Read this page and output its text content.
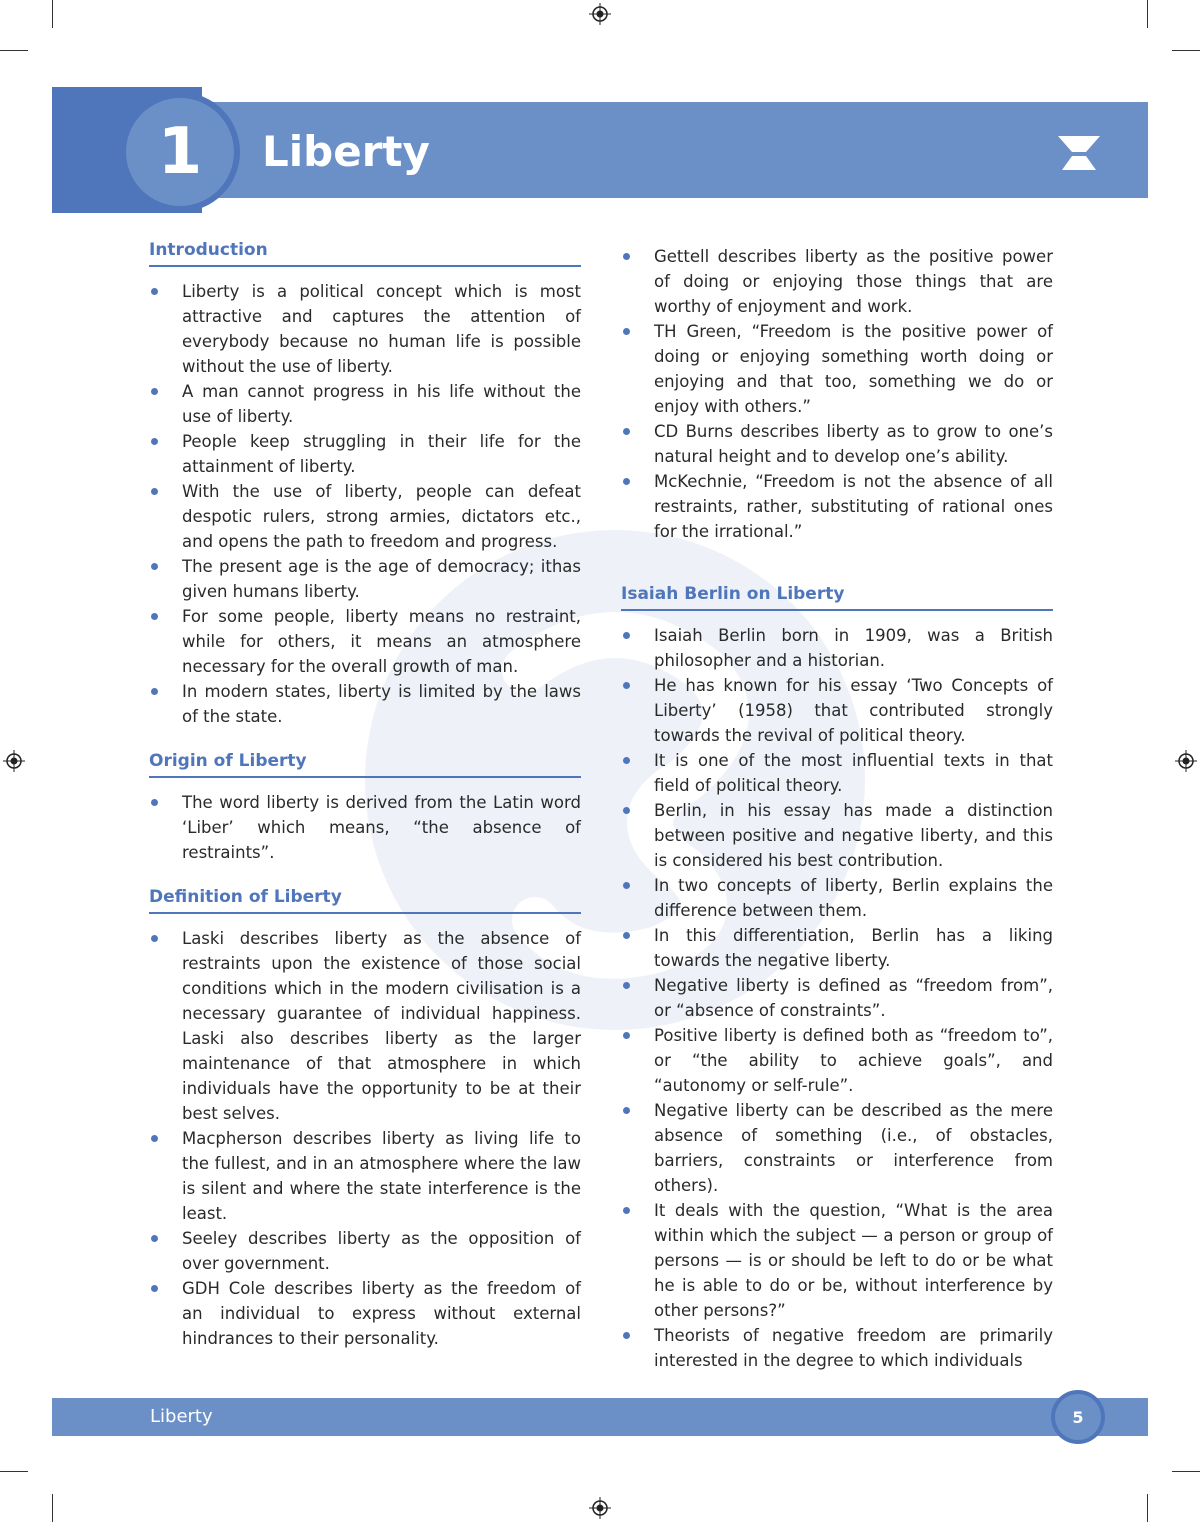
1	Liberty
Introduction
Liberty is a political concept which is most attractive and captures the attention of everybody because no human life is possible without the use of liberty.
A man cannot progress in his life without the use of liberty.
People keep struggling in their life for the attainment of liberty.
With the use of liberty, people can defeat despotic rulers, strong armies, dictators etc., and opens the path to freedom and progress.
The present age is the age of democracy; ithas given humans liberty.
For some people, liberty means no restraint, while for others, it means an atmosphere necessary for the overall growth of man.
In modern states, liberty is limited by the laws of the state.
Origin of Liberty
The word liberty is derived from the Latin word ‘Liber’ which means, “the absence of restraints”.
Definition of Liberty
Laski describes liberty as the absence of restraints upon the existence of those social conditions which in the modern civilisation is a necessary guarantee of individual happiness. Laski also describes liberty as the larger maintenance of that atmosphere in which individuals have the opportunity to be at their best selves.
Macpherson describes liberty as living life to the fullest, and in an atmosphere where the law is silent and where the state interference is the least.
Seeley describes liberty as the opposition of over government.
GDH Cole describes liberty as the freedom of an individual to express without external hindrances to their personality.
Gettell describes liberty as the positive power of doing or enjoying those things that are worthy of enjoyment and work.
TH Green, “Freedom is the positive power of doing or enjoying something worth doing or enjoying and that too, something we do or enjoy with others.”
CD Burns describes liberty as to grow to one’s natural height and to develop one’s ability.
McKechnie, “Freedom is not the absence of all restraints, rather, substituting of rational ones for the irrational.”
Isaiah Berlin on Liberty
Isaiah Berlin born in 1909, was a British philosopher and a historian.
He has known for his essay ‘Two Concepts of Liberty’ (1958) that contributed strongly towards the revival of political theory.
It is one of the most influential texts in that field of political theory.
Berlin, in his essay has made a distinction between positive and negative liberty, and this is considered his best contribution.
In two concepts of liberty, Berlin explains the difference between them.
In this differentiation, Berlin has a liking towards the negative liberty.
Negative liberty is defined as “freedom from”, or “absence of constraints”.
Positive liberty is defined both as “freedom to”, or “the ability to achieve goals”, and “autonomy or self-rule”.
Negative liberty can be described as the mere absence of something (i.e., of obstacles, barriers, constraints or interference from others).
It deals with the question, “What is the area within which the subject — a person or group of persons — is or should be left to do or be what he is able to do or be, without interference by other persons?”
Theorists of negative freedom are primarily interested in the degree to which individuals
Liberty	5
